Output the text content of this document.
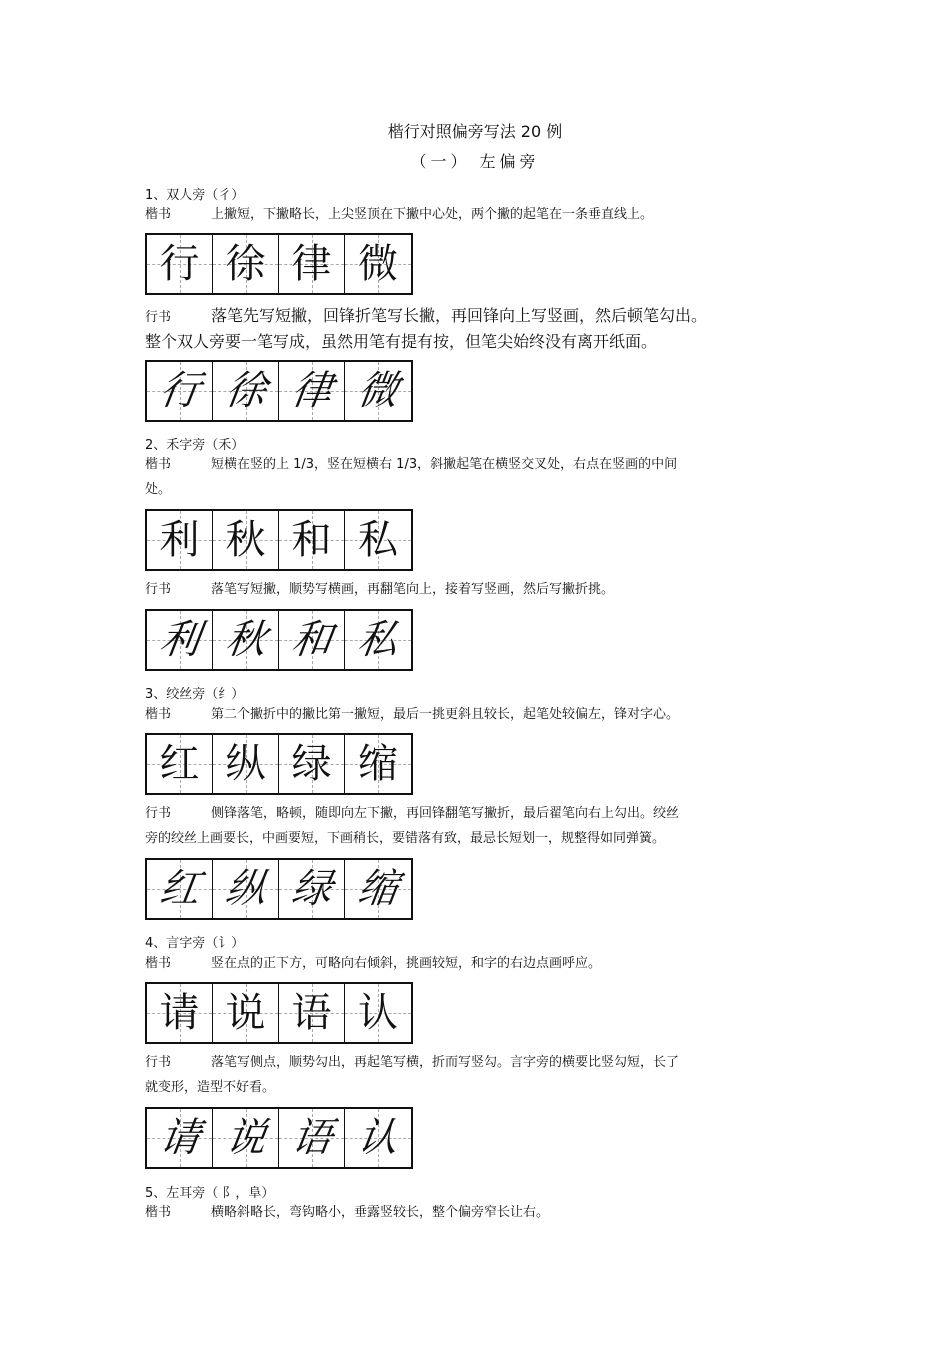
楷行对照偏旁写法 20 例
（一） 左偏旁
1、双人旁（彳）
楷书	上撇短，下撇略长，上尖竖顶在下撇中心处，两个撇的起笔在一条垂直线上。
行 徐 律 微
行书 落笔先写短撇，回锋折笔写长撇，再回锋向上写竖画，然后顿笔勾出。
整个双人旁要一笔写成，虽然用笔有提有按，但笔尖始终没有离开纸面。
行 徐 律 微
2、禾字旁（禾）
楷书	短横在竖的上 1/3，竖在短横右 1/3，斜撇起笔在横竖交叉处，右点在竖画的中间
处。
利 秋 和 私
行书	落笔写短撇，顺势写横画，再翻笔向上，接着写竖画，然后写撇折挑。
利 秋 和 私
3、绞丝旁（纟）
楷书	第二个撇折中的撇比第一撇短，最后一挑更斜且较长，起笔处较偏左，锋对字心。
红 纵 绿 缩
行书	侧锋落笔，略顿，随即向左下撇，再回锋翻笔写撇折，最后翟笔向右上勾出。绞丝
旁的绞丝上画要长，中画要短，下画稍长，要错落有致，最忌长短划一，规整得如同弹簧。
红 纵 绿 缩
4、言字旁（讠）
楷书	竖在点的正下方，可略向右倾斜，挑画较短，和字的右边点画呼应。
请 说 语 认
行书	落笔写侧点，顺势勾出，再起笔写横，折而写竖勾。言字旁的横要比竖勾短，长了
就变形，造型不好看。
请 说 语 认
5、左耳旁（ 阝，阜）
楷书	横略斜略长，弯钩略小，垂露竖较长，整个偏旁窄长让右。
